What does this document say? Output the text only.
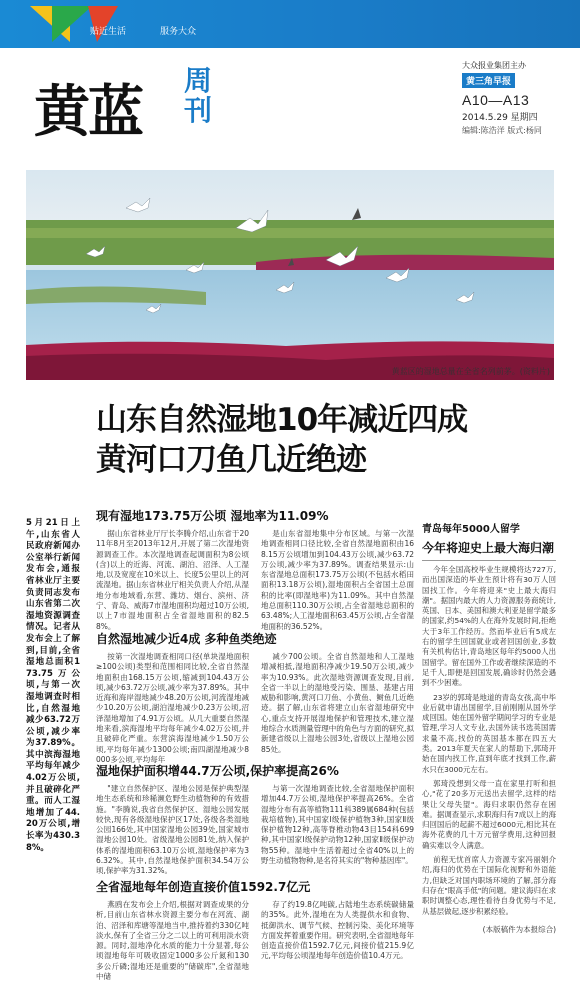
贴近生活	服务大众
黄蓝 周刊
大众报业集团主办
黄三角早报
A10—A13
2014.5.29 星期四
编辑:陈浩洋 版式:杨同
黄蓝区的湿地总量在全省名列前茅。(资料片)
山东自然湿地10年减近四成
黄河口刀鱼几近绝迹
5月21日上午,山东省人民政府新闻办公室举行新闻发布会,通报省林业厅主要负责同志发布山东省第二次湿地资源调查情况。记者从发布会上了解到,目前,全省湿地总面积173.75万公顷,与第一次湿地调查时相比,自然湿地减少63.72万公顷,减少率为37.89%。其中滨海湿地平均每年减少4.02万公顷,并且破碎化严重。而人工湿地增加了44.20万公顷,增长率为430.38%。
现有湿地173.75万公顷 湿地率为11.09%

据山东省林业厅厅长李腾介绍,山东省于2011年8月至2013年12月,开展了第二次湿地资源调查工作。本次湿地调查起调面积为8公顷(含)以上的近海、河流、湖泊、沼泽、人工湿地,以及宽度在10米以上、长度5公里以上的河流湿地。据山东省林业厅相关负责人介绍,从湿地分布地域看,东营、潍坊、烟台、滨州、济宁、青岛、威海7市湿地面积均超过10万公顷,以上7市湿地面积占全省湿地面积的82.58%。

是山东省湿地集中分布区域。与第一次湿地调查相同口径比较,全省自然湿地面积由168.15万公顷增加到104.43万公顷,减少63.72万公顷,减少率为37.89%。调查结果显示:山东省湿地总面积173.75万公顷(不包括水稻田面积13.18万公顷),湿地面积占全省国土总面积的比率(即湿地率)为11.09%。其中自然湿地总面积110.30万公顷,占全省湿地总面积的63.48%;人工湿地面积63.45万公顷,占全省湿地面积的36.52%。

自然湿地减少近4成 多种鱼类绝迹

按第一次湿地调查相同口径(单块湿地面积≥100公顷)类型和范围相同比较,全省自然湿地面积由168.15万公顷,缩减到104.43万公顷,减少63.72万公顷,减少率为37.89%。其中近海和海岸湿地减少48.20万公顷,河流湿地减少10.20万公顷,湖泊湿地减少0.23万公顷,沼泽湿地增加了4.91万公顷。从几大重要自然湿地来看,滨海湿地平均每年减少4.02万公顷,并且破碎化严重。东营滨海湿地减少1.50万公顷,平均每年减少1300公顷;南四湖湿地减少8000多公顷,平均每年

减少700公顷。全省自然湿地和人工湿地增减相抵,湿地面积净减少19.50万公顷,减少率为10.93%。此次湿地资源调查发现,目前,全省一半以上的湿地受污染、围垦、基建占用威胁和影响,黄河口刀鱼、小黄鱼、鲥鱼几近绝迹。据了解,山东省将建立山东省湿地研究中心,重点支持开展湿地保护和管理技术,建立湿地综合水质测量管理中的角色与方面的研究,拟新建省级以上湿地公园3处,省级以上湿地公园85处。

湿地保护面积增44.7万公顷,保护率提高26%

"建立自然保护区、湿地公园是保护典型湿地生态系统和珍稀濒危野生动植物种的有效措施。"李腾说,我省自然保护区、湿地公园发展较快,现有各级湿地保护区17处,各级各类湿地公园166处,其中国家湿地公园39处,国家城市湿地公园10处。省级湿地公园81处,纳入保护体系的湿地面积63.10万公顷,湿地保护率为36.32%。其中,自然湿地保护面积34.54万公顷,保护率为31.32%。

与第一次湿地调查比较,全省湿地保护面积增加44.7万公顷,湿地保护率提高26%。全省湿地分布有高等植物111科389属684种(包括栽培植物),其中国家Ⅰ级保护植物3种,国家Ⅱ级保护植物12种,高等脊椎动物43目154科699种,其中国家Ⅰ级保护动物12种,国家Ⅱ级保护动物55种。湿地中生活着超过全省40%以上的野生动植物物种,是名符其实的"物种基因库"。

全省湿地每年创造直接价值1592.7亿元

燕鸥在发布会上介绍,根据对调查成果的分析,目前山东省林水资源主要分布在河流、湖泊、沼泽和库塘等湿地当中,推持着约330亿吨淡水,保有了全省三分之二以上的可利用淡水资源。同时,湿地净化水质的能力十分显著,每公顷湿地每年可吸收固定1000多公斤氮和130多公斤磷;湿地还是重要的"储碳库",全省湿地中储

存了约19.8亿吨碳,占陆地生态系统碳储量的35%。此外,湿地在为人类提供水和食物、抵御洪水、调节气候、控制污染、美化环境等方面发挥着重要作用。研究表明,全省湿地每年创造直接价值1592.7亿元,间接价值215.9亿元,平均每公顷湿地每年创造价值10.4万元。

青岛每年5000人留学
今年将迎史上最大海归潮

今年全国高校毕业生规模将达727万,而出国深造的毕业生预计将有30万人回国找工作。今年将迎来"史上最大海归潮"。据国内最大的人力资源服务商统计,英国、日本、美国和澳大利亚是留学最多的国家,约54%的人在海外发展时间,拒绝大于3年工作经历。然而毕业后有5成左右的留学生回国就业或者回国创业,多数有关机构估计,青岛地区每年约5000人出国留学。留在国外工作或者继续深造的不足千人,即便是回国发展,确诊时仍然会遇到不少困难。

23岁的郭琦是地道的青岛女孩,高中毕业后就申请出国留学,目前刚刚从国外学成回国。她在国外留学期间学习的专业是管理,学习人文专业,去国外读书选英国需求量不高,找份的英国基本都在四五大类。2013年夏天在家人的帮助下,郭琦开始在国内找工作,直到年底才找到工作,薪水只在3000元左右。

郭琦没想到父母一直在家里打听和担心,"花了20多万元送出去留学,这样的结果让父母失望"。海归求职仍然存在困难。据调查显示,求职海归有7成以上的海归回国后的起薪不超过6000元,相比其在海外花费的几十万元留学费用,这种回报确实难以令人满意。

前程无忧首席人力资源专家冯丽娟介绍,海归的优势在于国际化视野和外语能力,但缺乏对国内职场环境的了解,部分海归存在"眼高手低"的问题。建议海归在求职时调整心态,理性看待自身优势与不足,从基层做起,逐步积累经验。

(本版稿件为本报综合)
